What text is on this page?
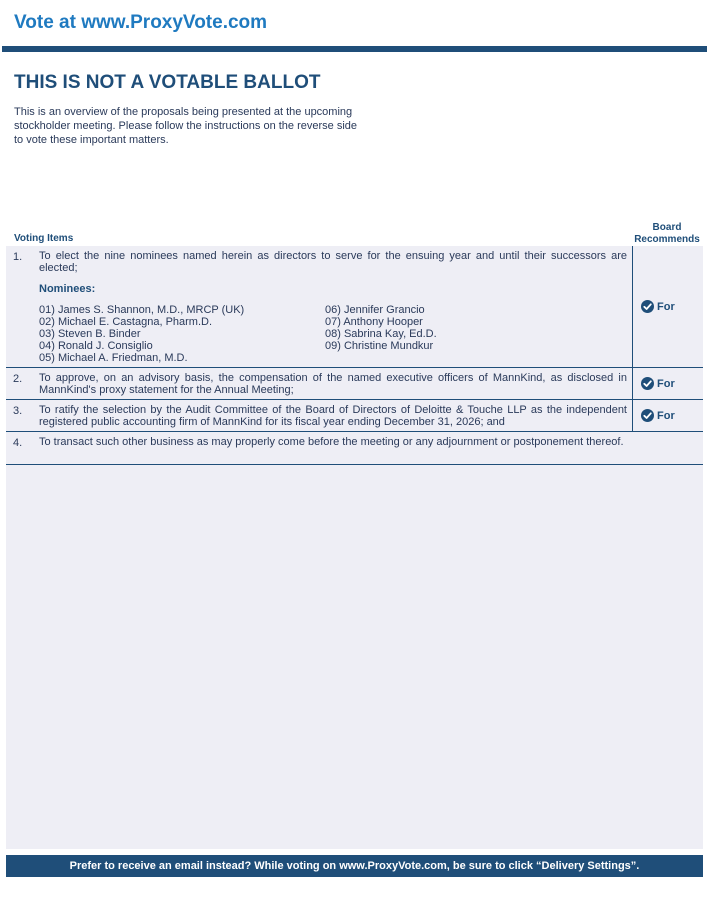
Vote at www.ProxyVote.com
THIS IS NOT A VOTABLE BALLOT
This is an overview of the proposals being presented at the upcoming stockholder meeting. Please follow the instructions on the reverse side to vote these important matters.
Voting Items
Board
Recommends
1. To elect the nine nominees named herein as directors to serve for the ensuing year and until their successors are elected;
Nominees:
01) James S. Shannon, M.D., MRCP (UK)
02) Michael E. Castagna, Pharm.D.
03) Steven B. Binder
04) Ronald J. Consiglio
05) Michael A. Friedman, M.D.
06) Jennifer Grancio
07) Anthony Hooper
08) Sabrina Kay, Ed.D.
09) Christine Mundkur
For
2. To approve, on an advisory basis, the compensation of the named executive officers of MannKind, as disclosed in MannKind's proxy statement for the Annual Meeting;	For
3. To ratify the selection by the Audit Committee of the Board of Directors of Deloitte & Touche LLP as the independent registered public accounting firm of MannKind for its fiscal year ending December 31, 2026; and	For
4. To transact such other business as may properly come before the meeting or any adjournment or postponement thereof.
Prefer to receive an email instead? While voting on www.ProxyVote.com, be sure to click “Delivery Settings”.
